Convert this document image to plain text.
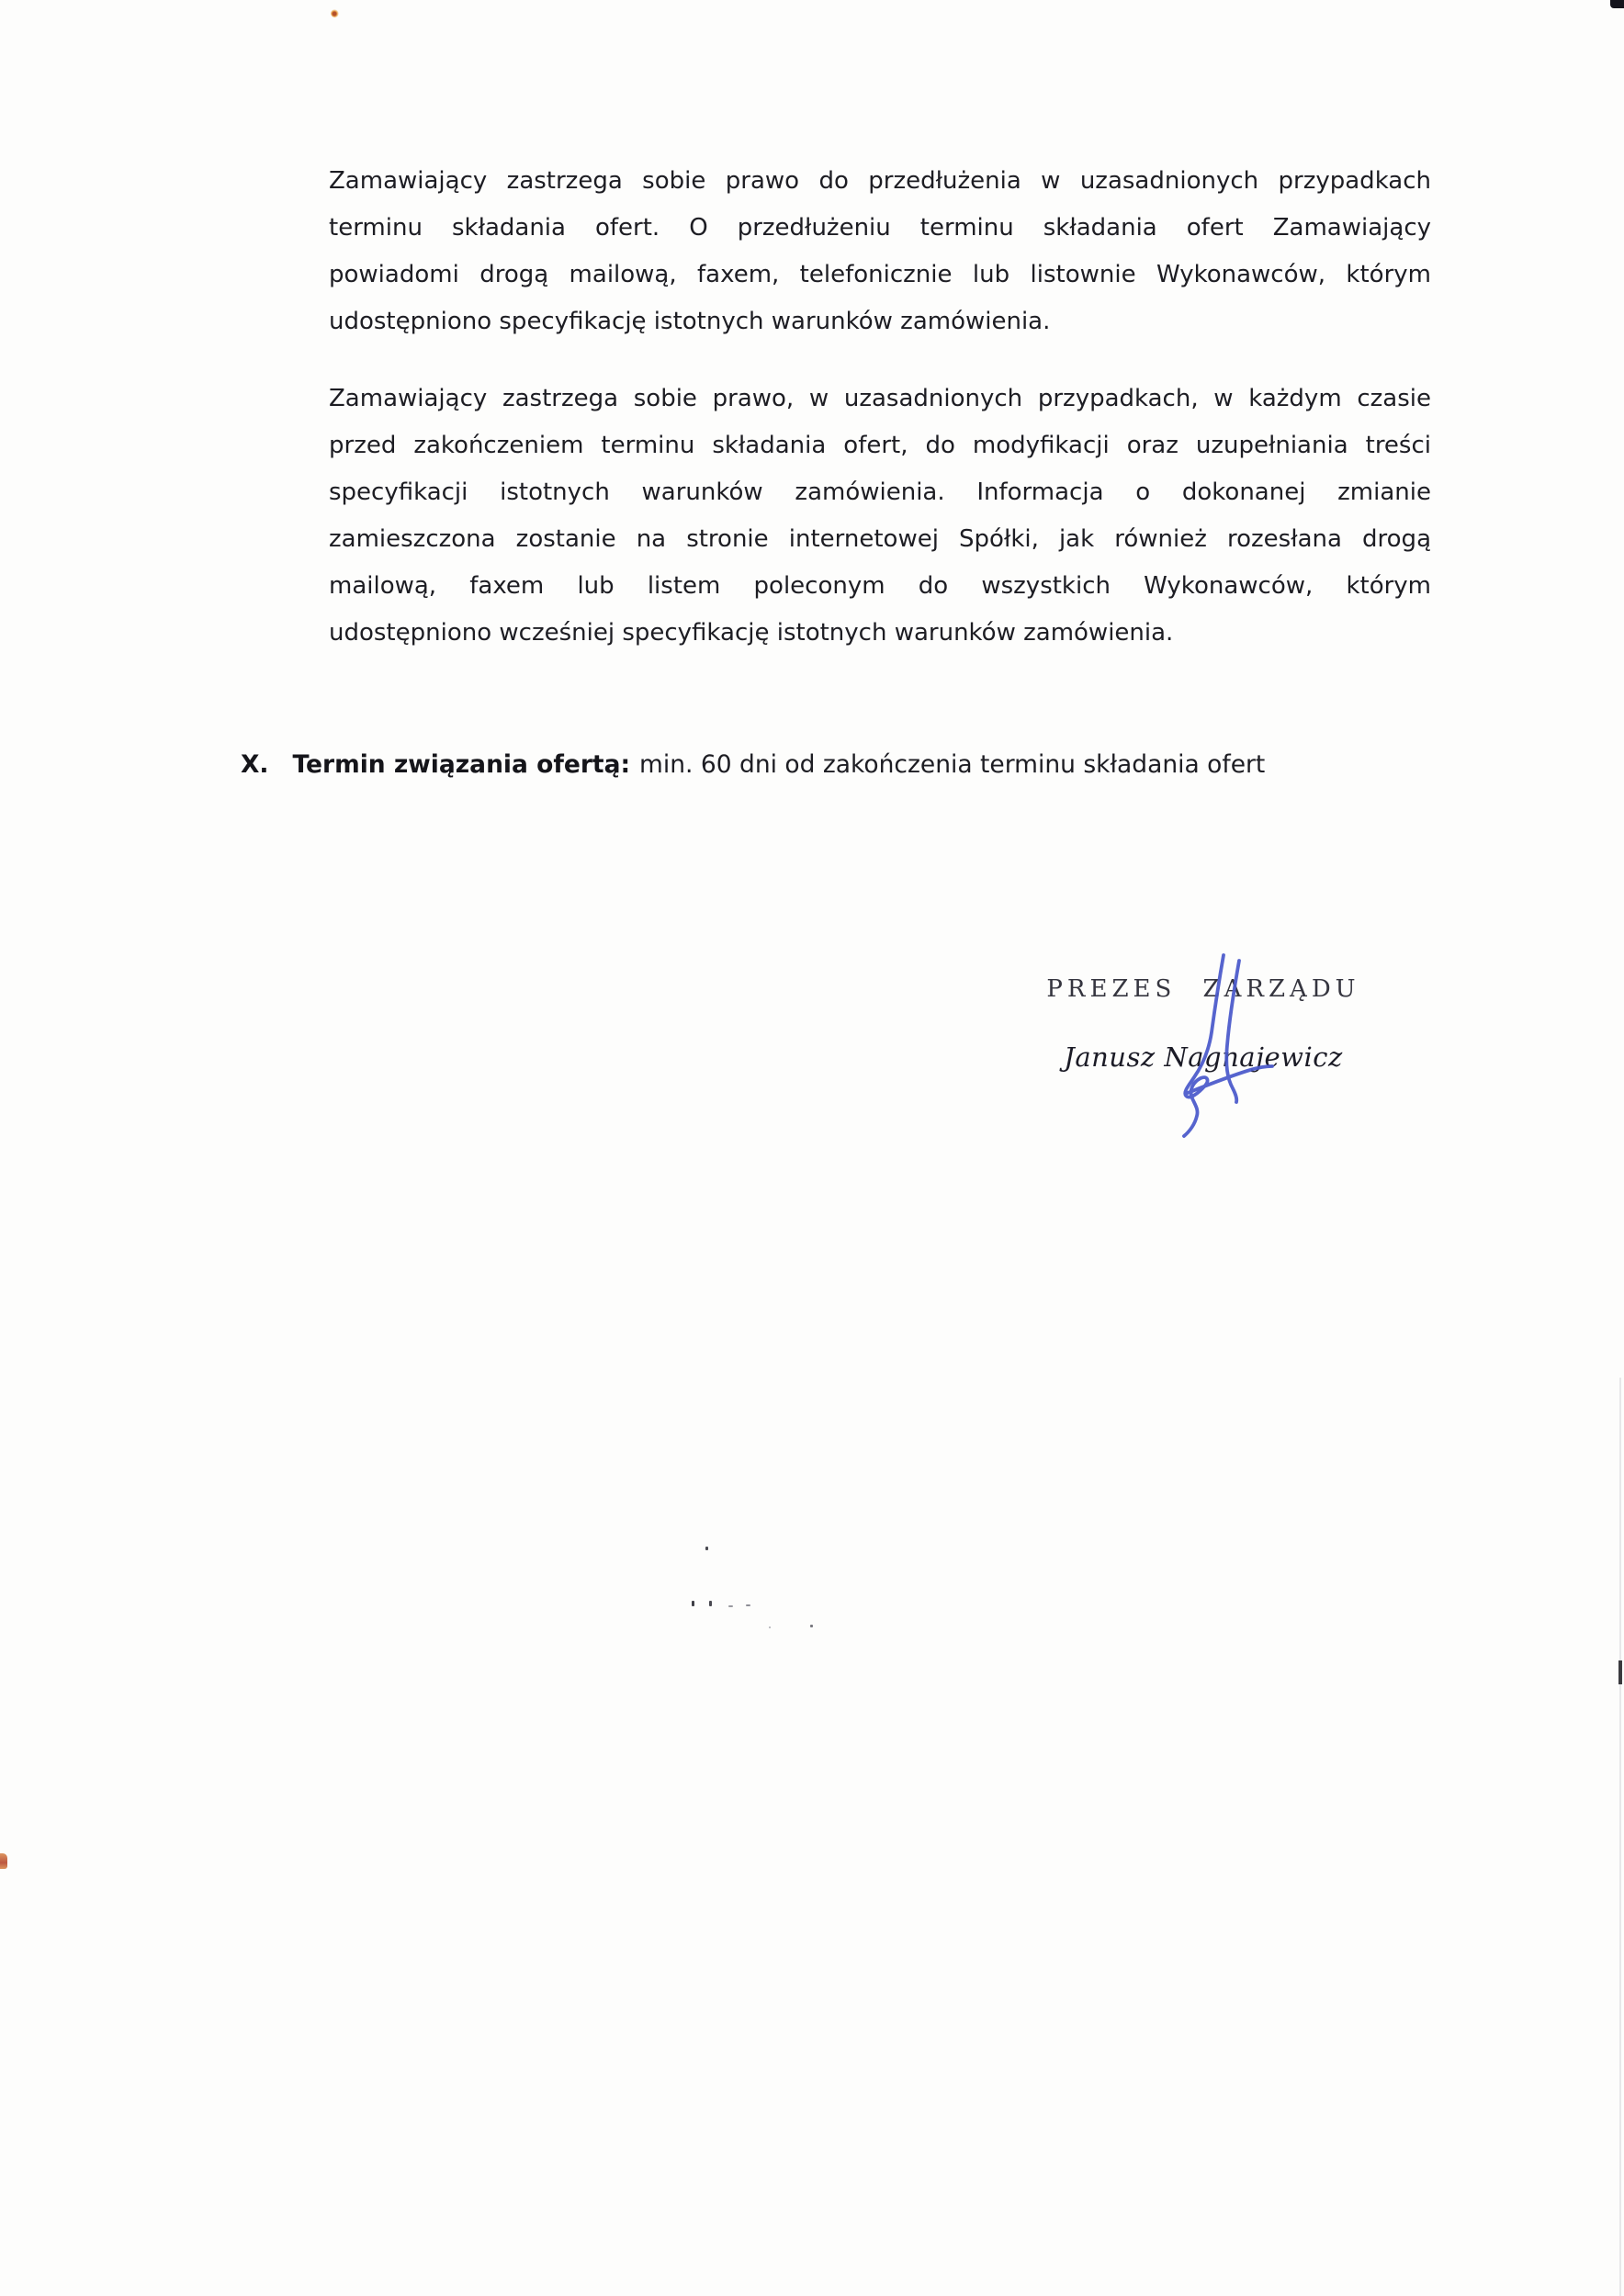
Zamawiający zastrzega sobie prawo do przedłużenia w uzasadnionych przypadkach
terminu składania ofert. O przedłużeniu terminu składania ofert Zamawiający
powiadomi drogą mailową, faxem, telefonicznie lub listownie Wykonawców, którym
udostępniono specyfikację istotnych warunków zamówienia.
Zamawiający zastrzega sobie prawo, w uzasadnionych przypadkach, w każdym czasie
przed zakończeniem terminu składania ofert, do modyfikacji oraz uzupełniania treści
specyfikacji istotnych warunków zamówienia. Informacja o dokonanej zmianie
zamieszczona zostanie na stronie internetowej Spółki, jak również rozesłana drogą
mailową, faxem lub listem poleconym do wszystkich Wykonawców, którym
udostępniono wcześniej specyfikację istotnych warunków zamówienia.
X. Termin związania ofertą: min. 60 dni od zakończenia terminu składania ofert
PREZES ZARZĄDU
Janusz Nagnajewicz
